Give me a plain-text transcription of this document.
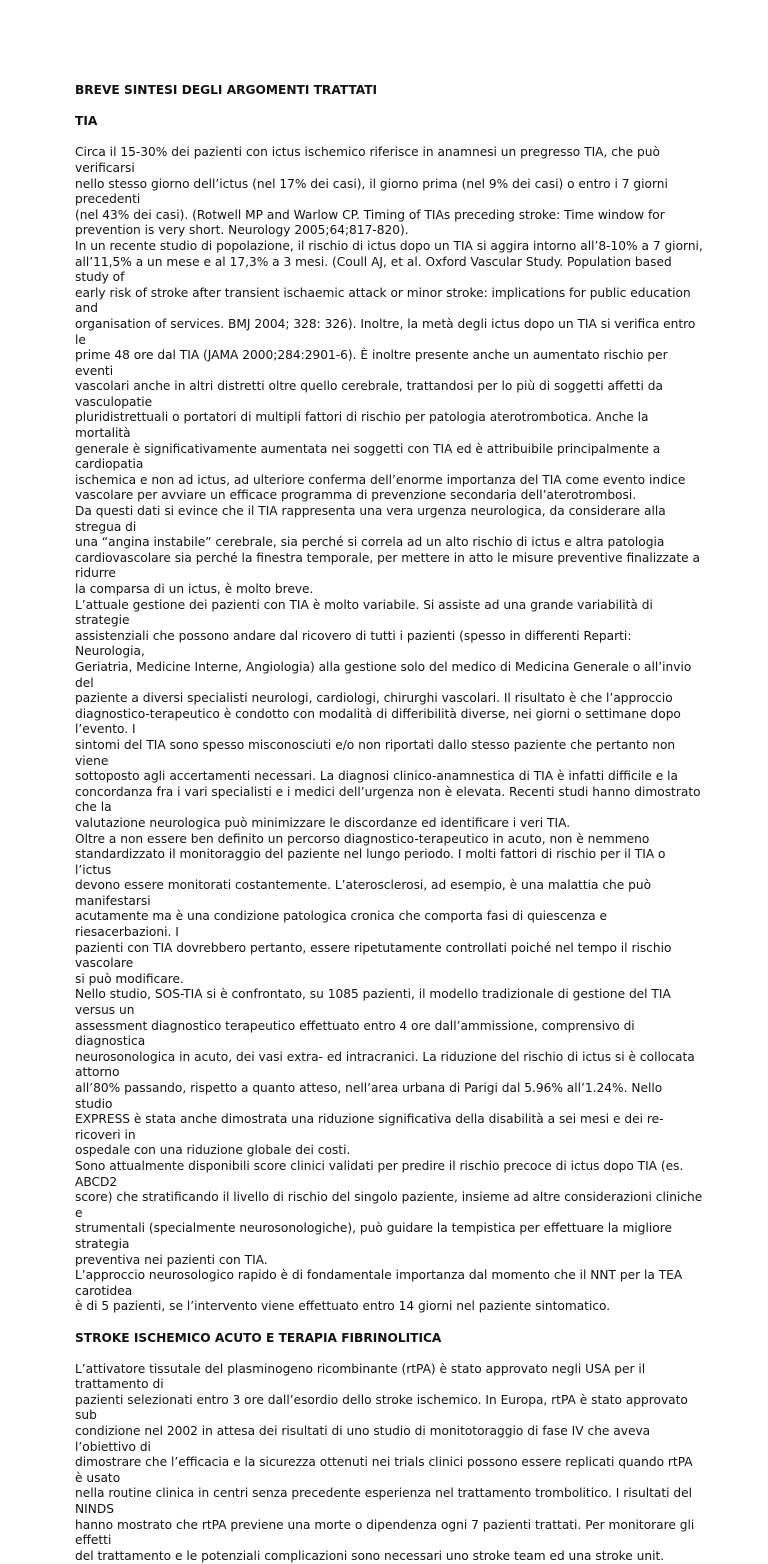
BREVE SINTESI DEGLI ARGOMENTI TRATTATI

TIA

Circa il 15-30% dei pazienti con ictus ischemico riferisce in anamnesi un pregresso TIA, che può verificarsi
nello stesso giorno dell’ictus (nel 17% dei casi), il giorno prima (nel 9% dei casi) o entro i 7 giorni precedenti
(nel 43% dei casi). (Rotwell MP and Warlow CP. Timing of TIAs preceding stroke: Time window for
prevention is very short. Neurology 2005;64;817-820).

In un recente studio di popolazione, il rischio di ictus dopo un TIA si aggira intorno all’8-10% a 7 giorni,
all’11,5% a un mese e al 17,3% a 3 mesi. (Coull AJ, et al. Oxford Vascular Study. Population based study of
early risk of stroke after transient ischaemic attack or minor stroke: implications for public education and
organisation of services. BMJ 2004; 328: 326). Inoltre, la metà degli ictus dopo un TIA si verifica entro le
prime 48 ore dal TIA (JAMA 2000;284:2901-6). È inoltre presente anche un aumentato rischio per eventi
vascolari anche in altri distretti oltre quello cerebrale, trattandosi per lo più di soggetti affetti da vasculopatie
pluridistrettuali o portatori di multipli fattori di rischio per patologia aterotrombotica. Anche la mortalità
generale è significativamente aumentata nei soggetti con TIA ed è attribuibile principalmente a cardiopatia
ischemica e non ad ictus, ad ulteriore conferma dell’enorme importanza del TIA come evento indice
vascolare per avviare un efficace programma di prevenzione secondaria dell’aterotrombosi.

Da questi dati si evince che il TIA rappresenta una vera urgenza neurologica, da considerare alla stregua di
una “angina instabile” cerebrale, sia perché si correla ad un alto rischio di ictus e altra patologia
cardiovascolare sia perché la finestra temporale, per mettere in atto le misure preventive finalizzate a ridurre
la comparsa di un ictus, è molto breve.

L’attuale gestione dei pazienti con TIA è molto variabile. Si assiste ad una grande variabilità di strategie
assistenziali che possono andare dal ricovero di tutti i pazienti (spesso in differenti Reparti: Neurologia,
Geriatria, Medicine Interne, Angiologia) alla gestione solo del medico di Medicina Generale o all’invio del
paziente a diversi specialisti neurologi, cardiologi, chirurghi vascolari. Il risultato è che l’approccio
diagnostico-terapeutico è condotto con modalità di differibilità diverse, nei giorni o settimane dopo l’evento. I
sintomi del TIA sono spesso misconosciuti e/o non riportati dallo stesso paziente che pertanto non viene
sottoposto agli accertamenti necessari. La diagnosi clinico-anamnestica di TIA è infatti difficile e la
concordanza fra i vari specialisti e i medici dell’urgenza non è elevata. Recenti studi hanno dimostrato che la
valutazione neurologica può minimizzare le discordanze ed identificare i veri TIA.

Oltre a non essere ben definito un percorso diagnostico-terapeutico in acuto, non è nemmeno
standardizzato il monitoraggio del paziente nel lungo periodo. I molti fattori di rischio per il TIA o l’ictus
devono essere monitorati costantemente. L’aterosclerosi, ad esempio, è una malattia che può manifestarsi
acutamente ma è una condizione patologica cronica che comporta fasi di quiescenza e riesacerbazioni. I
pazienti con TIA dovrebbero pertanto, essere ripetutamente controllati poiché nel tempo il rischio vascolare
si può modificare.

Nello studio, SOS-TIA si è confrontato, su 1085 pazienti, il modello tradizionale di gestione del TIA versus un
assessment diagnostico terapeutico effettuato entro 4 ore dall’ammissione, comprensivo di diagnostica
neurosonologica in acuto, dei vasi extra- ed intracranici. La riduzione del rischio di ictus si è collocata attorno
all’80% passando, rispetto a quanto atteso, nell’area urbana di Parigi dal 5.96% all’1.24%. Nello studio
EXPRESS è stata anche dimostrata una riduzione significativa della disabilità a sei mesi e dei re-ricoveri in
ospedale con una riduzione globale dei costi.

Sono attualmente disponibili score clinici validati per predire il rischio precoce di ictus dopo TIA (es. ABCD2
score) che stratificando il livello di rischio del singolo paziente, insieme ad altre considerazioni cliniche e
strumentali (specialmente neurosonologiche), può guidare la tempistica per effettuare la migliore strategia
preventiva nei pazienti con TIA.

L’approccio neurosologico rapido è di fondamentale importanza dal momento che il NNT per la TEA carotidea
è di 5 pazienti, se l’intervento viene effettuato entro 14 giorni nel paziente sintomatico.

STROKE ISCHEMICO ACUTO E TERAPIA FIBRINOLITICA

L’attivatore tissutale del plasminogeno ricombinante (rtPA) è stato approvato negli USA per il trattamento di
pazienti selezionati entro 3 ore dall’esordio dello stroke ischemico. In Europa, rtPA è stato approvato sub
condizione nel 2002 in attesa dei risultati di uno studio di monitotoraggio di fase IV che aveva l’obiettivo di
dimostrare che l’efficacia e la sicurezza ottenuti nei trials clinici possono essere replicati quando rtPA è usato
nella routine clinica in centri senza precedente esperienza nel trattamento trombolitico. I risultati del NINDS
hanno mostrato che rtPA previene una morte o dipendenza ogni 7 pazienti trattati. Per monitorare gli effetti
del trattamento e le potenziali complicazioni sono necessari uno stroke team ed una stroke unit.
